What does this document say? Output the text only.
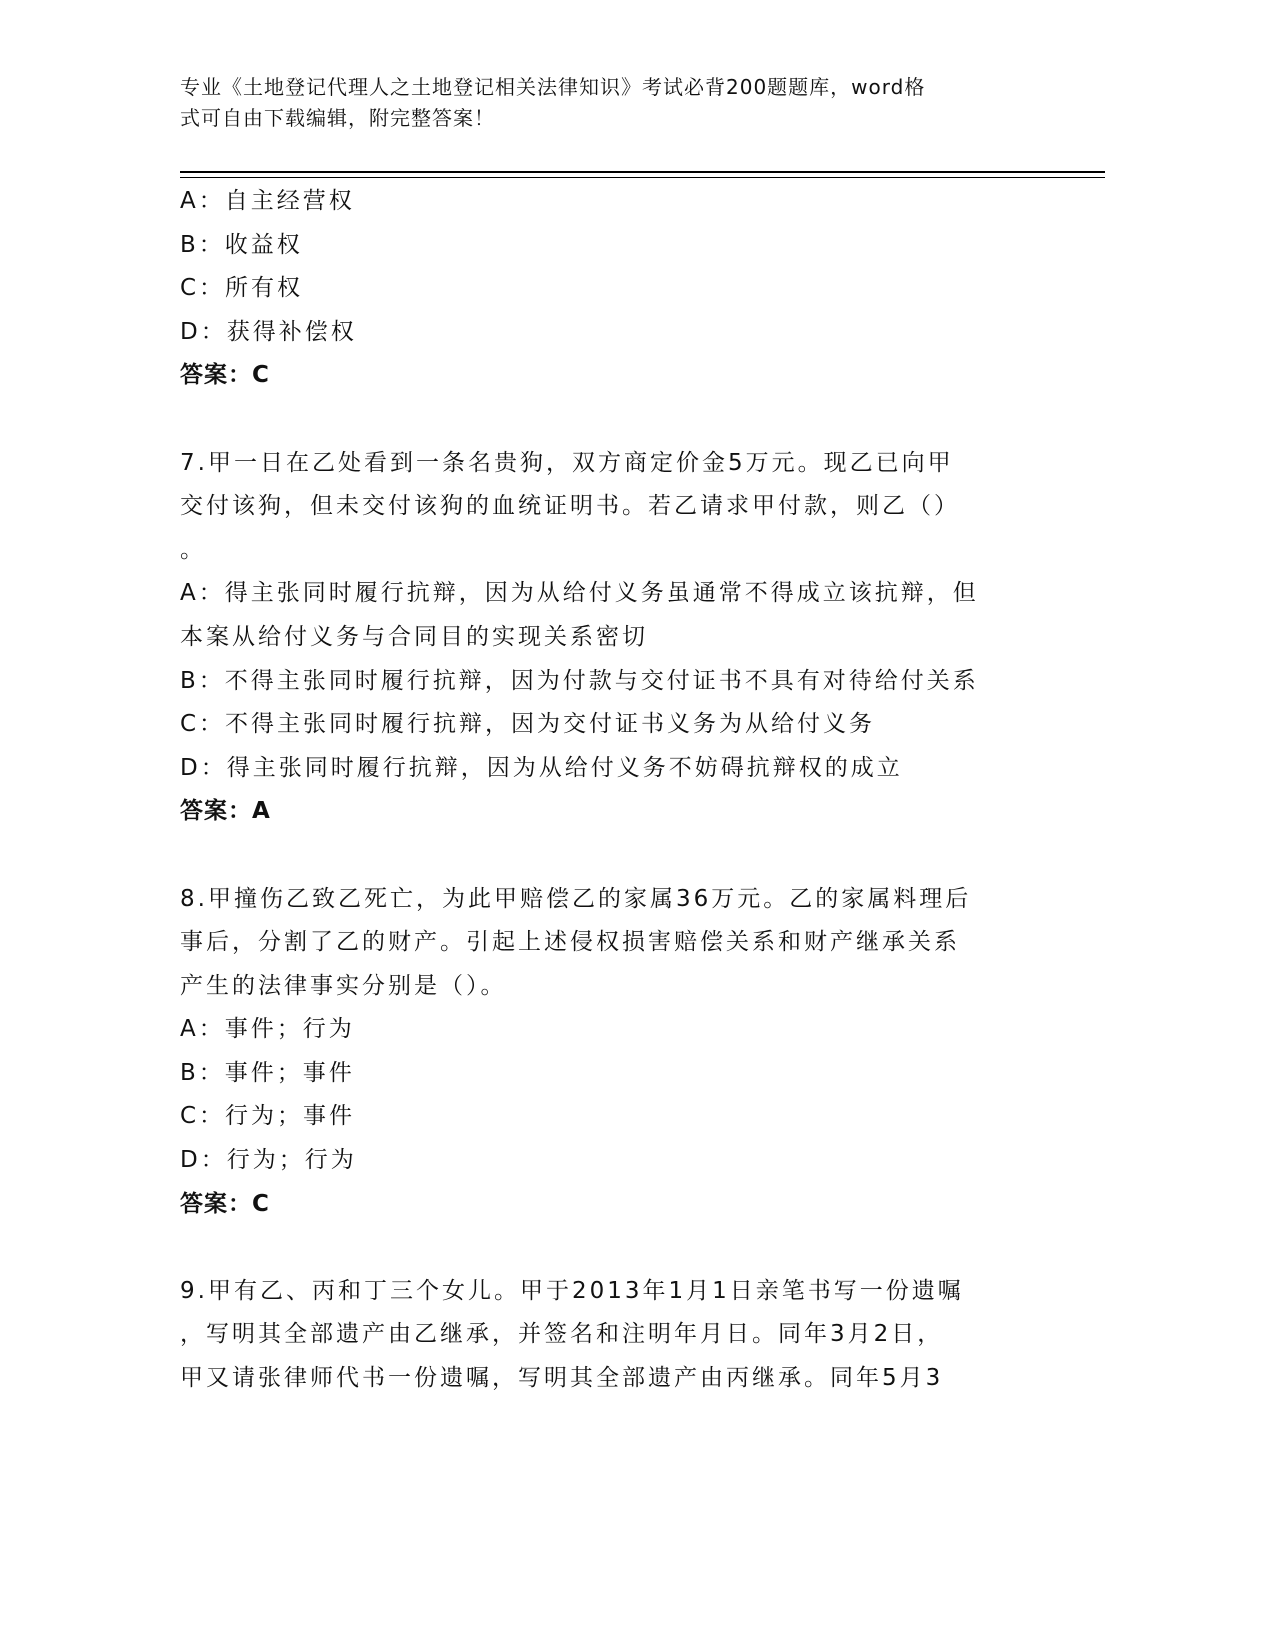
专业《土地登记代理人之土地登记相关法律知识》考试必背200题题库，word格
式可自由下载编辑，附完整答案！
A：自主经营权
B：收益权
C：所有权
D：获得补偿权
答案：C
7.甲一日在乙处看到一条名贵狗，双方商定价金5万元。现乙已向甲
交付该狗，但未交付该狗的血统证明书。若乙请求甲付款，则乙（）
。
A：得主张同时履行抗辩，因为从给付义务虽通常不得成立该抗辩，但
本案从给付义务与合同目的实现关系密切
B：不得主张同时履行抗辩，因为付款与交付证书不具有对待给付关系
C：不得主张同时履行抗辩，因为交付证书义务为从给付义务
D：得主张同时履行抗辩，因为从给付义务不妨碍抗辩权的成立
答案：A
8.甲撞伤乙致乙死亡，为此甲赔偿乙的家属36万元。乙的家属料理后
事后，分割了乙的财产。引起上述侵权损害赔偿关系和财产继承关系
产生的法律事实分别是（）。
A：事件；行为
B：事件；事件
C：行为；事件
D：行为；行为
答案：C
9.甲有乙、丙和丁三个女儿。甲于2013年1月1日亲笔书写一份遗嘱
，写明其全部遗产由乙继承，并签名和注明年月日。同年3月2日，
甲又请张律师代书一份遗嘱，写明其全部遗产由丙继承。同年5月3
